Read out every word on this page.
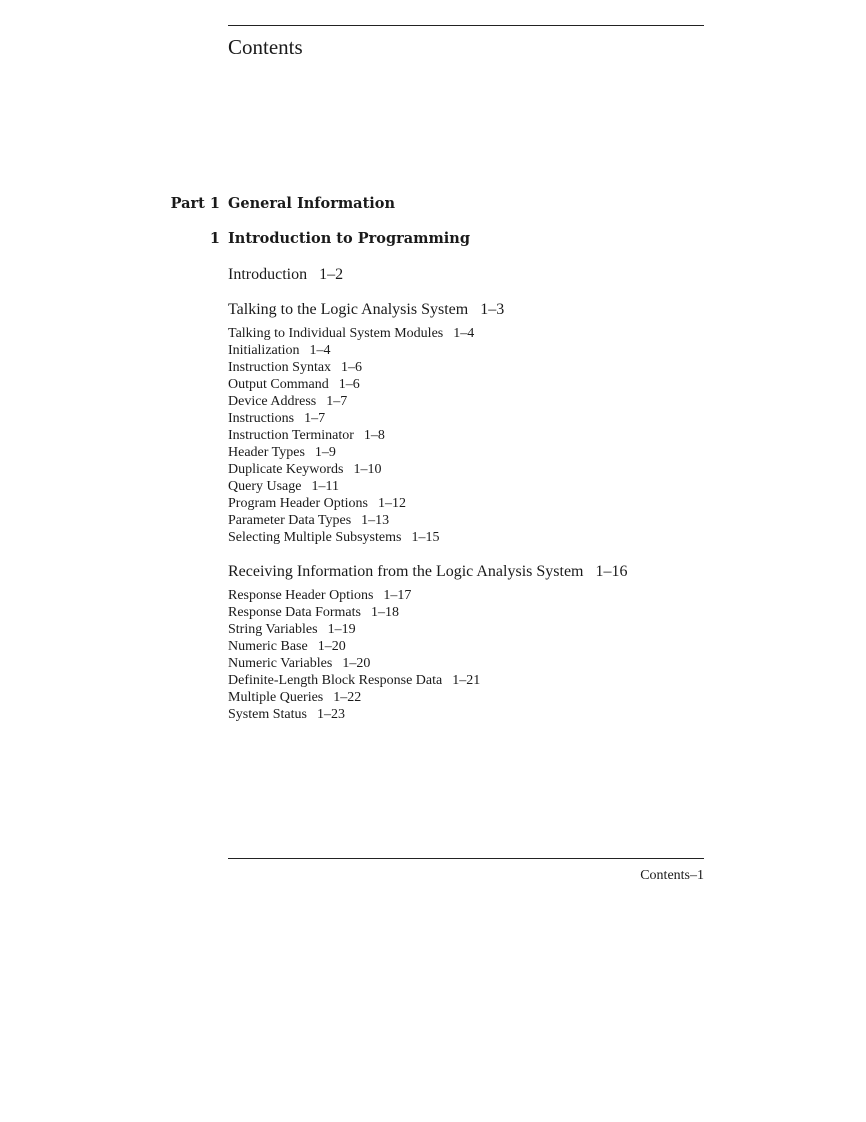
Contents
Part 1 General Information
1 Introduction to Programming
Introduction 1–2
Talking to the Logic Analysis System 1–3
Talking to Individual System Modules 1–4
Initialization 1–4
Instruction Syntax 1–6
Output Command 1–6
Device Address 1–7
Instructions 1–7
Instruction Terminator 1–8
Header Types 1–9
Duplicate Keywords 1–10
Query Usage 1–11
Program Header Options 1–12
Parameter Data Types 1–13
Selecting Multiple Subsystems 1–15
Receiving Information from the Logic Analysis System 1–16
Response Header Options 1–17
Response Data Formats 1–18
String Variables 1–19
Numeric Base 1–20
Numeric Variables 1–20
Definite-Length Block Response Data 1–21
Multiple Queries 1–22
System Status 1–23
Contents–1
